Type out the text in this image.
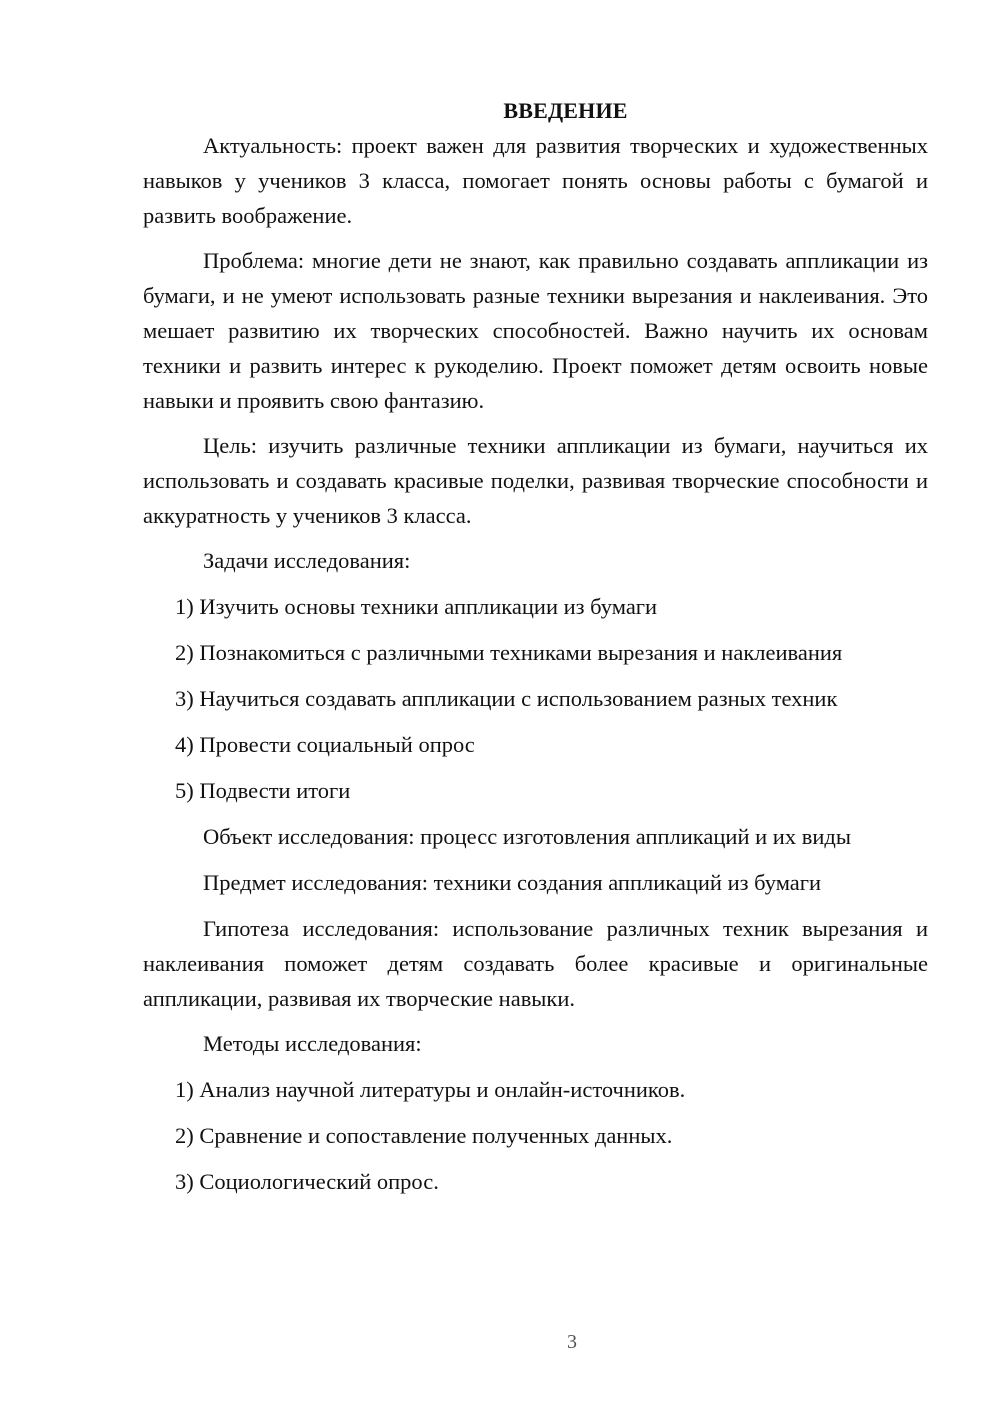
ВВЕДЕНИЕ

Актуальность: проект важен для развития творческих и художественных навыков у учеников 3 класса, помогает понять основы работы с бумагой и развить воображение.

Проблема: многие дети не знают, как правильно создавать аппликации из бумаги, и не умеют использовать разные техники вырезания и наклеивания. Это мешает развитию их творческих способностей. Важно научить их основам техники и развить интерес к рукоделию. Проект поможет детям освоить новые навыки и проявить свою фантазию.

Цель: изучить различные техники аппликации из бумаги, научиться их использовать и создавать красивые поделки, развивая творческие способности и аккуратность у учеников 3 класса.

Задачи исследования:
1) Изучить основы техники аппликации из бумаги
2) Познакомиться с различными техниками вырезания и наклеивания
3) Научиться создавать аппликации с использованием разных техник
4) Провести социальный опрос
5) Подвести итоги
Объект исследования: процесс изготовления аппликаций и их виды
Предмет исследования: техники создания аппликаций из бумаги

Гипотеза исследования: использование различных техник вырезания и наклеивания поможет детям создавать более красивые и оригинальные аппликации, развивая их творческие навыки.

Методы исследования:
1) Анализ научной литературы и онлайн-источников.
2) Сравнение и сопоставление полученных данных.
3) Социологический опрос.
3
